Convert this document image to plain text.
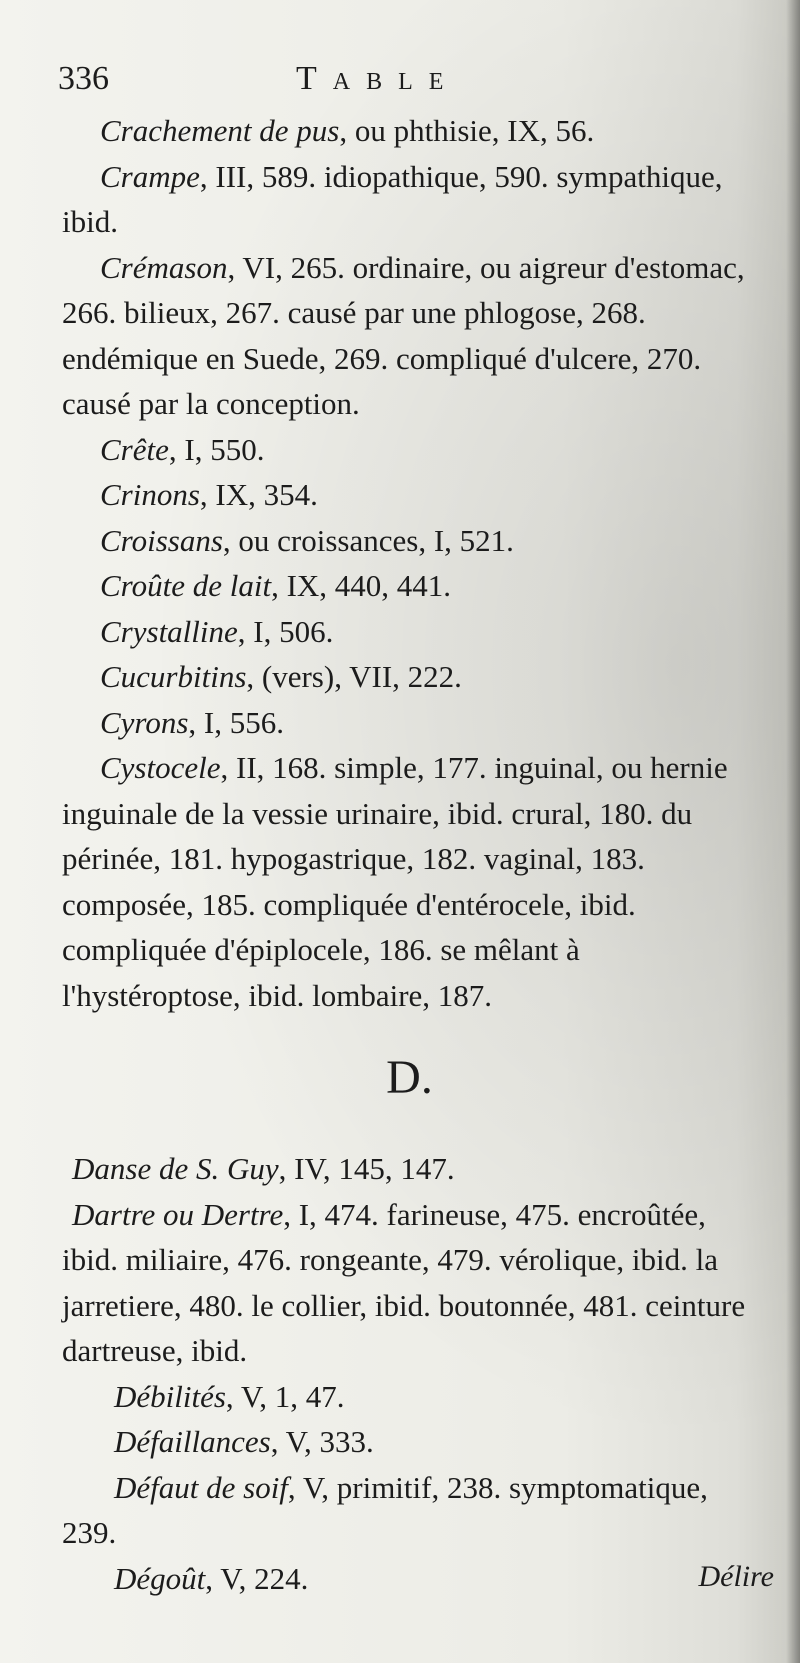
336	Table

Crachement de pus, ou phthisie, IX, 56.

Crampe, III, 589. idiopathique, 590. sympathique, ibid.

Crémason, VI, 265. ordinaire, ou aigreur d'estomac, 266. bilieux, 267. causé par une phlogose, 268. endémique en Suede, 269. compliqué d'ulcere, 270. causé par la conception.

Crête, I, 550.

Crinons, IX, 354.

Croissans, ou croissances, I, 521.

Croûte de lait, IX, 440, 441.

Crystalline, I, 506.

Cucurbitins, (vers), VII, 222.

Cyrons, I, 556.

Cystocele, II, 168. simple, 177. inguinal, ou hernie inguinale de la vessie urinaire, ibid. crural, 180. du périnée, 181. hypogastrique, 182. vaginal, 183. composée, 185. compliquée d'entérocele, ibid. compliquée d'épiplocele, 186. se mêlant à l'hystéroptose, ibid. lombaire, 187.

D.

Danse de S. Guy, IV, 145, 147.

Dartre ou Dertre, I, 474. farineuse, 475. encroûtée, ibid. miliaire, 476. rongeante, 479. vérolique, ibid. la jarretiere, 480. le collier, ibid. boutonnée, 481. ceinture dartreuse, ibid.

Débilités, V, 1, 47.

Défaillances, V, 333.

Défaut de soif, V, primitif, 238. symptomatique, 239.

Dégoût, V, 224.	Délire
